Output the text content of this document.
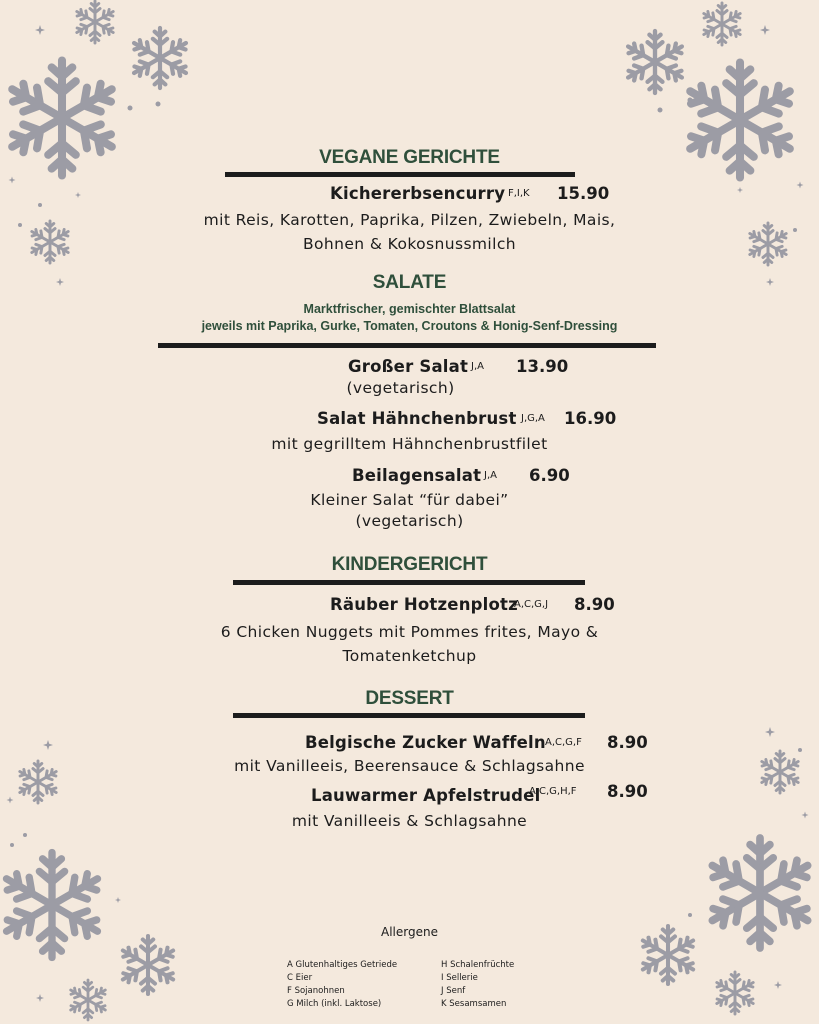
VEGANE GERICHTE
Kichererbsencurry F,I,K 15.90
mit Reis, Karotten, Paprika, Pilzen, Zwiebeln, Mais,
Bohnen & Kokosnussmilch
SALATE
Marktfrischer, gemischter Blattsalat
jeweils mit Paprika, Gurke, Tomaten, Croutons & Honig-Senf-Dressing
Großer Salat J,A 13.90
(vegetarisch)
Salat Hähnchenbrust J,G,A 16.90
mit gegrilltem Hähnchenbrustfilet
Beilagensalat J,A 6.90
Kleiner Salat “für dabei”
(vegetarisch)
KINDERGERICHT
Räuber Hotzenplotz
A,C,G,J 8.90
6 Chicken Nuggets mit Pommes frites, Mayo &
Tomatenketchup
DESSERT
Belgische Zucker Waffeln A,C,G,F 8.90
mit Vanilleeis, Beerensauce & Schlagsahne
Lauwarmer Apfelstrudel
A,C,G,H,F 8.90
mit Vanilleeis & Schlagsahne
Allergene
A Glutenhaltiges Getriede
C Eier
F Sojanohnen
G Milch (inkl. Laktose)
H Schalenfrüchte
I Sellerie
J Senf
K Sesamsamen
